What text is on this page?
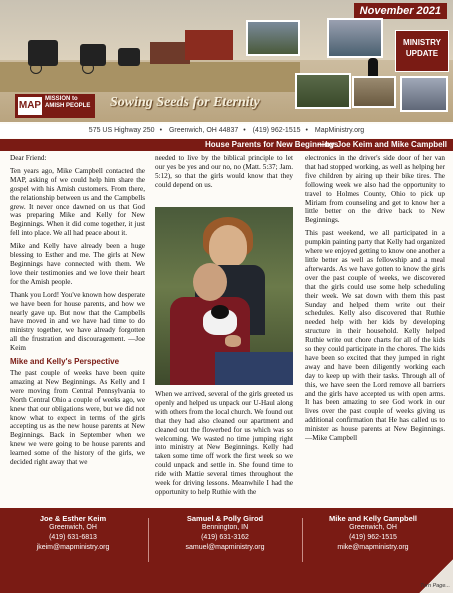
November 2021
MINISTRY
UPDATE
MAP
MISSION to AMISH PEOPLE	Sowing Seeds for Eternity
575 US Highway 250 • Greenwich, OH 44837 • (419) 962-1515 • MapMinistry.org
House Parents for New Beginnings
—by Joe Keim and Mike Campbell

Dear Friend:

Ten years ago, Mike Campbell contacted the MAP, asking of we could help him share the gospel with his Amish customers. From there, the relationship between us and the Campbells grew. It never once dawned on us that God was preparing Mike and Kelly for New Beginnings. When it did come together, it just fell into place. We all had peace about it.

Mike and Kelly have already been a huge blessing to Esther and me. The girls at New Beginnings have connected with them. We love their testimonies and we love their heart for the Amish people.

Thank you Lord! You've known how desperate we have been for house parents, and how we nearly gave up. But now that the Campbells have moved in and we have had time to do ministry together, we have already forgotten all the frustration and discouragement. —Joe Keim

Mike and Kelly's Perspective

The past couple of weeks have been quite amazing at New Beginnings. As Kelly and I were moving from Central Pennsylvania to North Central Ohio a couple of weeks ago, we knew that our obligations were, but we did not know what to expect in terms of the girls accepting us as the new house parents at New Beginnings. Back in September when we knew we were going to be house parents and learned some of the history of the girls, we decided right away that we

needed to live by the biblical principle to let our yes be yes and our no, no (Matt. 5:37; Jam. 5:12), so that the girls would know that they could depend on us.

When we arrived, several of the girls greeted us openly and helped us unpack our U-Haul along with others from the local church. We found out that they had also cleaned our apartment and cleaned out the flowerbed for us which was so welcoming. We wasted no time jumping right into ministry at New Beginnings. Kelly had taken some time off work the first week so we could unpack and settle in. She found time to ride with Mattie several times throughout the week for driving lessons. Meanwhile I had the opportunity to help Ruthie with the

electronics in the driver's side door of her van that had stopped working, as well as helping her five children by airing up their bike tires. The following week we also had the opportunity to travel to Holmes County, Ohio to pick up Miriam from counseling and get to know her a little better on the drive back to New Beginnings.

This past weekend, we all participated in a pumpkin painting party that Kelly had organized where we enjoyed getting to know one another a little better as well as fellowship and a meal afterwards. As we have gotten to know the girls over the past couple of weeks, we discovered that the girls could use some help scheduling their week. We sat down with them this past Sunday and helped them write out their schedules. Kelly also discovered that Ruthie needed help with her kids by developing structure in their household. Kelly helped Ruthie write out chore charts for all of the kids so they could participate in the chores. The kids have been so excited that they jumped in right away and have been diligently working each day to keep up with their tasks. Through all of this, we have seen the Lord remove all barriers and the girls have accepted us with open arms. It has been amazing to see God work in our lives over the past couple of weeks giving us additional confirmation that He has called us to minister as house parents at New Beginnings. —Mike Campbell

Joe & Esther Keim
Greenwich, OH
(419) 631-6813
jkeim@mapministry.org
Samuel & Polly Girod
Bennington, IN
(419) 631-3162
samuel@mapministry.org
Mike and Kelly Campbell
Greenwich, OH
(419) 962-1515
mike@mapministry.org
Turn Page...
